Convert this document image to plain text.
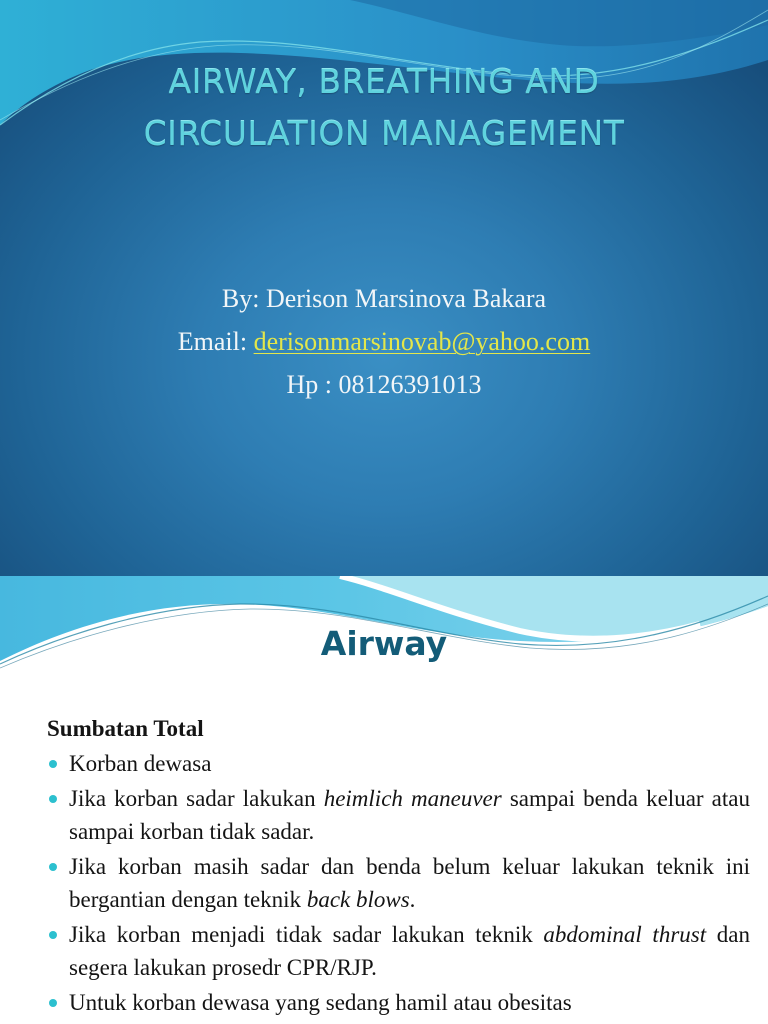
AIRWAY, BREATHING AND
CIRCULATION MANAGEMENT
By: Derison Marsinova Bakara
Email: derisonmarsinovab@yahoo.com
Hp : 08126391013
Airway
Sumbatan Total
Korban dewasa
Jika korban sadar lakukan heimlich maneuver sampai benda keluar atau sampai korban tidak sadar.
Jika korban masih sadar dan benda belum keluar lakukan teknik ini bergantian dengan teknik back blows.
Jika korban menjadi tidak sadar lakukan teknik abdominal thrust dan segera lakukan prosedr CPR/RJP.
Untuk korban dewasa yang sedang hamil atau obesitas
